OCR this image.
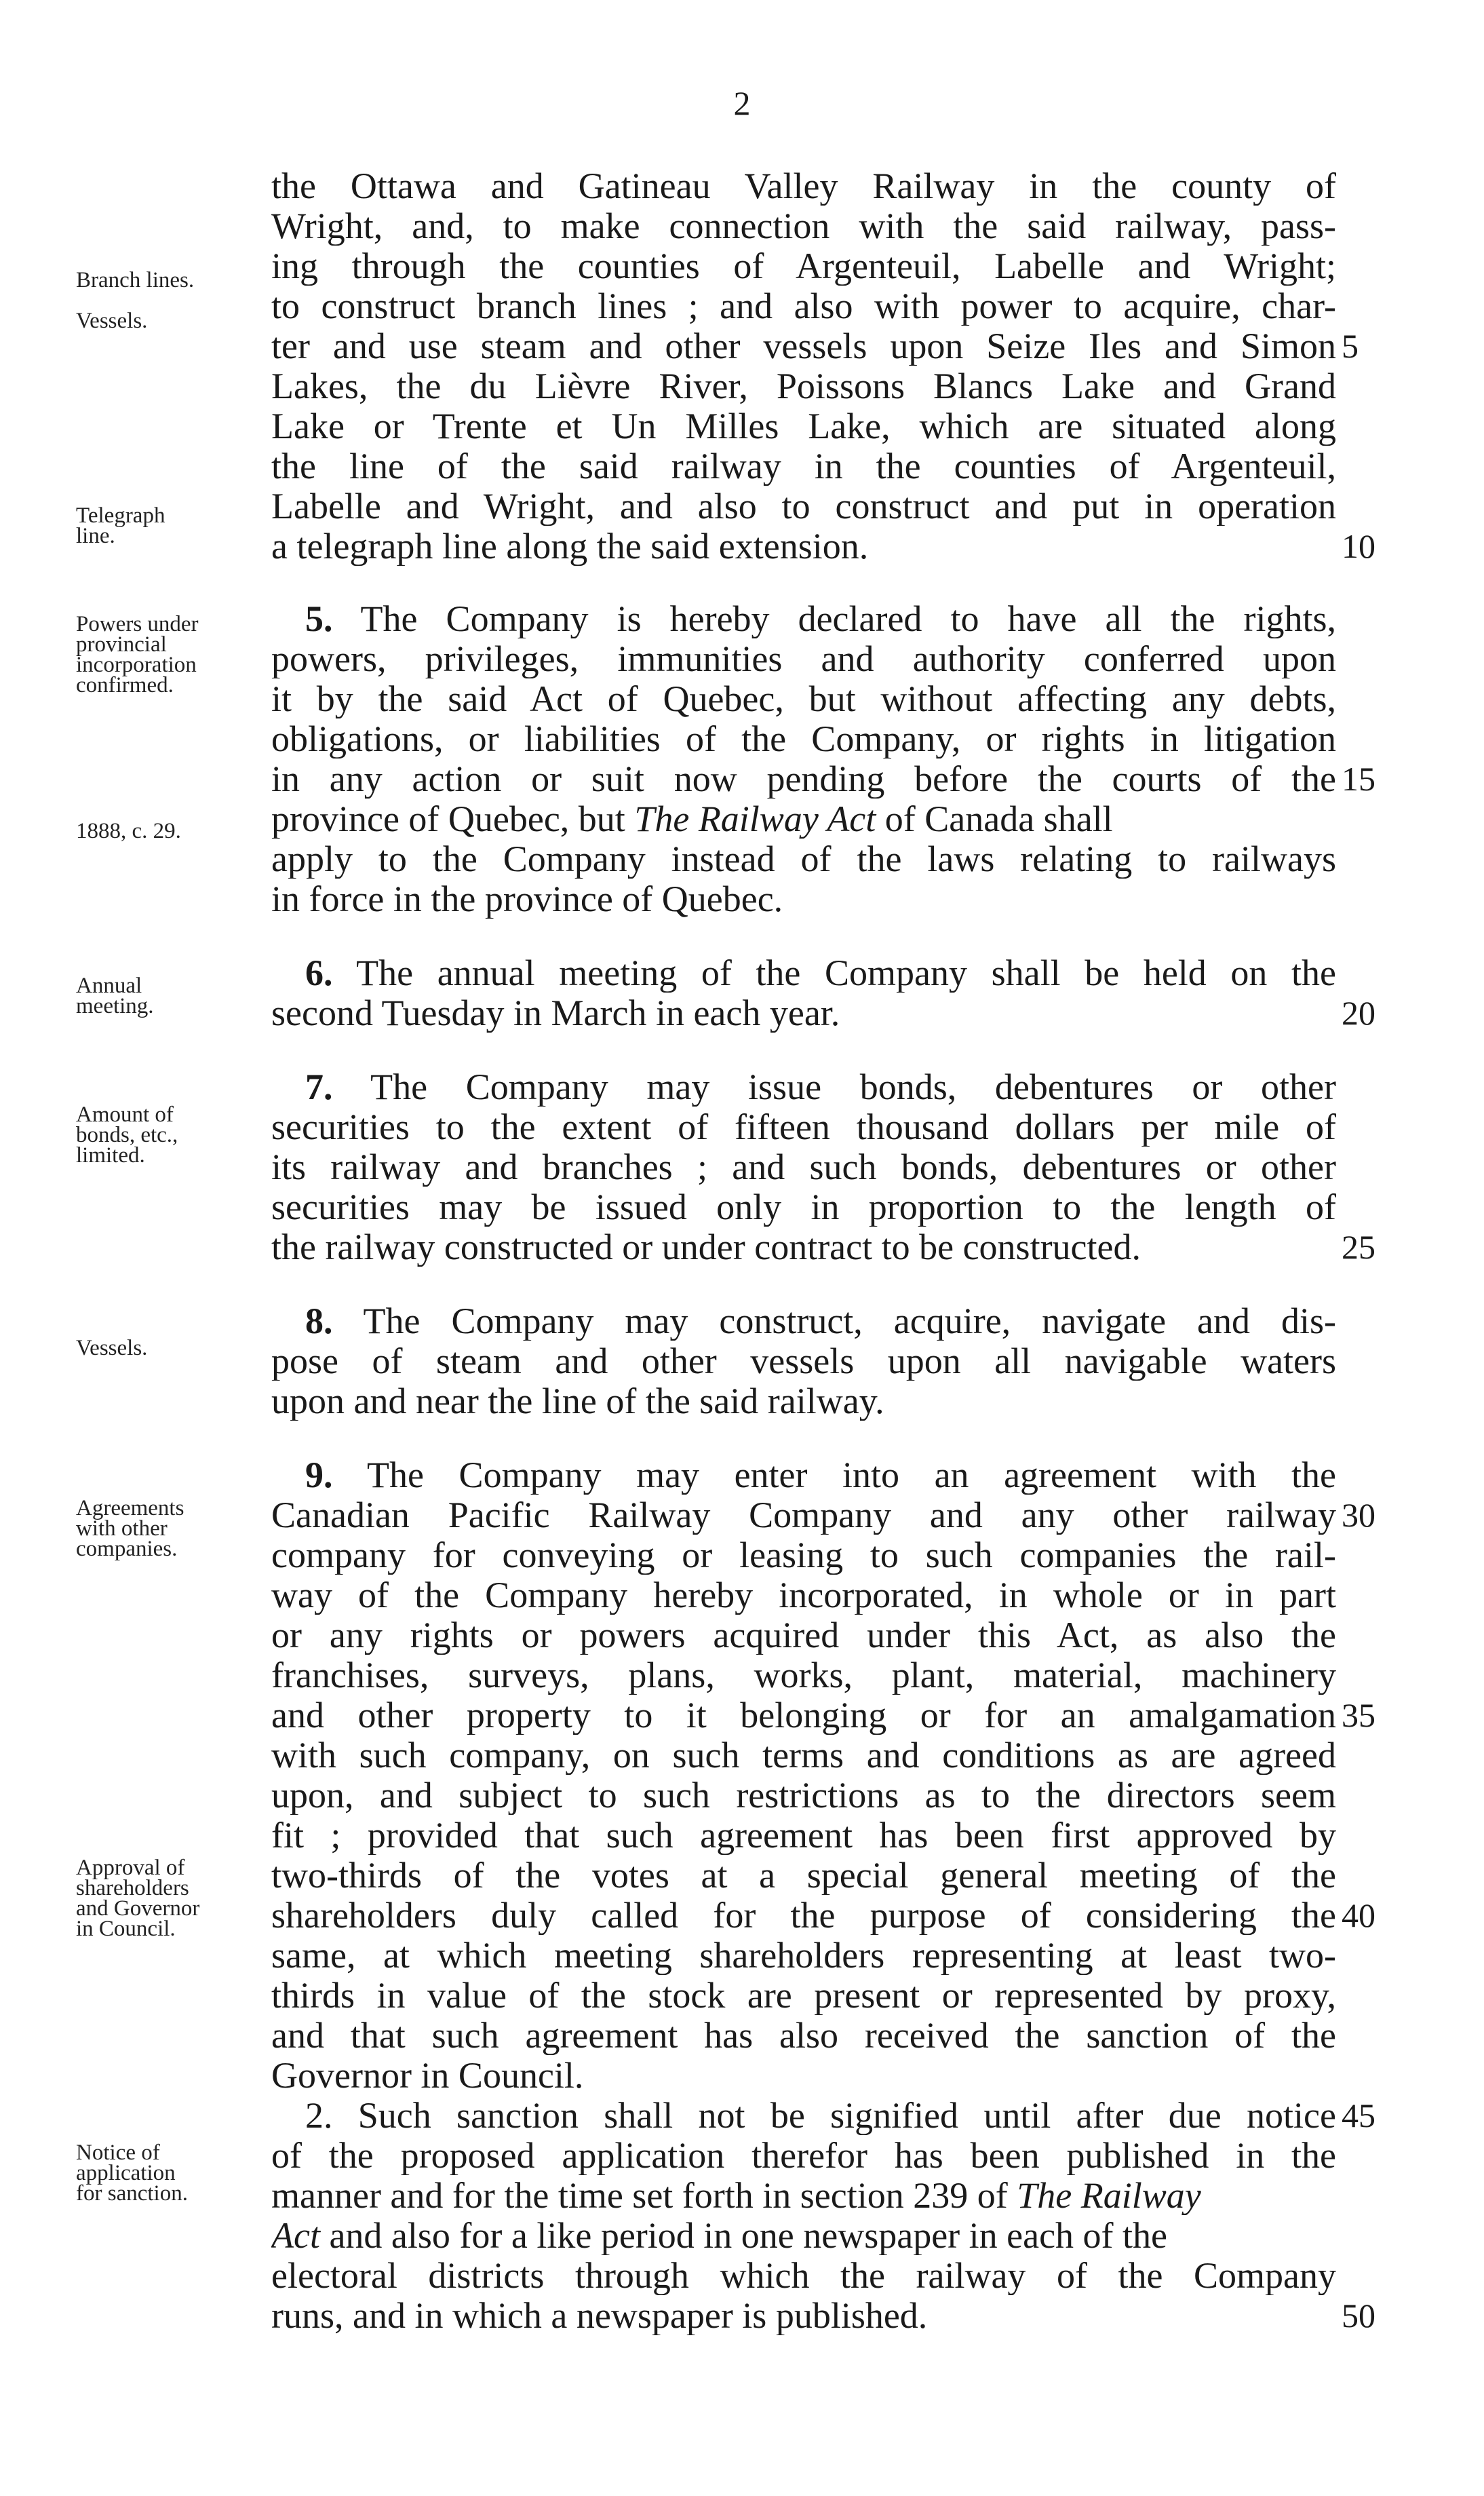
2
Branch lines.
Vessels.
Telegraph
line.
Powers under
provincial
incorporation
confirmed.
1888, c. 29.
Annual
meeting.
Amount of
bonds, etc.,
limited.
Vessels.
Agreements
with other
companies.
Approval of
shareholders
and Governor
in Council.
Notice of
application
for sanction.
the Ottawa and Gatineau Valley Railway in the county of
Wright, and, to make connection with the said railway, pass-
ing through the counties of Argenteuil, Labelle and Wright;
to construct branch lines ; and also with power to acquire, char-
ter and use steam and other vessels upon Seize Iles and Simon
Lakes, the du Lièvre River, Poissons Blancs Lake and Grand
Lake or Trente et Un Milles Lake, which are situated along
the line of the said railway in the counties of Argenteuil,
Labelle and Wright, and also to construct and put in operation
a telegraph line along the said extension.
5. The Company is hereby declared to have all the rights,
powers, privileges, immunities and authority conferred upon
it by the said Act of Quebec, but without affecting any debts,
obligations, or liabilities of the Company, or rights in litigation
in any action or suit now pending before the courts of the
province of Quebec, but The Railway Act of Canada shall
apply to the Company instead of the laws relating to railways
in force in the province of Quebec.
6. The annual meeting of the Company shall be held on the
second Tuesday in March in each year.
7. The Company may issue bonds, debentures or other
securities to the extent of fifteen thousand dollars per mile of
its railway and branches ; and such bonds, debentures or other
securities may be issued only in proportion to the length of
the railway constructed or under contract to be constructed.
8. The Company may construct, acquire, navigate and dis-
pose of steam and other vessels upon all navigable waters
upon and near the line of the said railway.
9. The Company may enter into an agreement with the
Canadian Pacific Railway Company and any other railway
company for conveying or leasing to such companies the rail-
way of the Company hereby incorporated, in whole or in part
or any rights or powers acquired under this Act, as also the
franchises, surveys, plans, works, plant, material, machinery
and other property to it belonging or for an amalgamation
with such company, on such terms and conditions as are agreed
upon, and subject to such restrictions as to the directors seem
fit ; provided that such agreement has been first approved by
two-thirds of the votes at a special general meeting of the
shareholders duly called for the purpose of considering the
same, at which meeting shareholders representing at least two-
thirds in value of the stock are present or represented by proxy,
and that such agreement has also received the sanction of the
Governor in Council.
2. Such sanction shall not be signified until after due notice
of the proposed application therefor has been published in the
manner and for the time set forth in section 239 of The Railway
Act and also for a like period in one newspaper in each of the
electoral districts through which the railway of the Company
runs, and in which a newspaper is published.
5
10
15
20
25
30
35
40
45
50
